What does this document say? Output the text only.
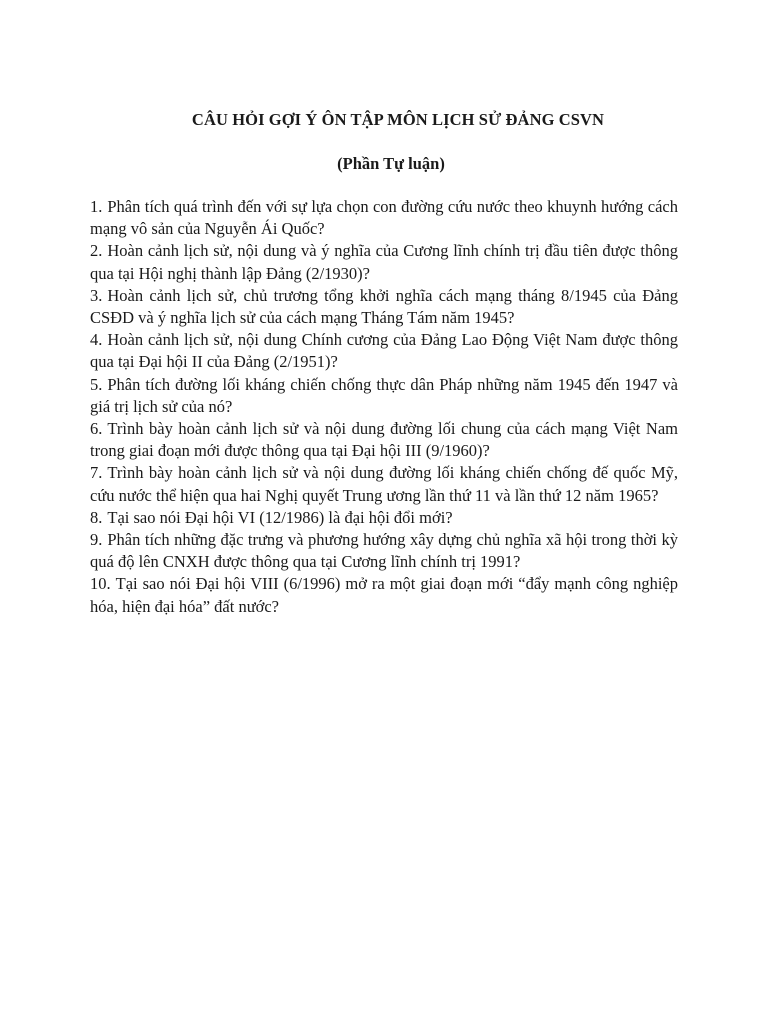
CÂU HỎI GỢI Ý ÔN TẬP MÔN LỊCH SỬ ĐẢNG CSVN
(Phần Tự luận)

1. Phân tích quá trình đến với sự lựa chọn con đường cứu nước theo khuynh hướng cách mạng vô sản của Nguyễn Ái Quốc?

2. Hoàn cảnh lịch sử, nội dung và ý nghĩa của Cương lĩnh chính trị đầu tiên được thông qua tại Hội nghị thành lập Đảng (2/1930)?

3. Hoàn cảnh lịch sử, chủ trương tổng khởi nghĩa cách mạng tháng 8/1945 của Đảng CSĐD và ý nghĩa lịch sử của cách mạng Tháng Tám năm 1945?

4. Hoàn cảnh lịch sử, nội dung Chính cương của Đảng Lao Động Việt Nam được thông qua tại Đại hội II của Đảng (2/1951)?

5. Phân tích đường lối kháng chiến chống thực dân Pháp những năm 1945 đến 1947 và giá trị lịch sử của nó?

6. Trình bày hoàn cảnh lịch sử và nội dung đường lối chung của cách mạng Việt Nam trong giai đoạn mới được thông qua tại Đại hội III (9/1960)?

7. Trình bày hoàn cảnh lịch sử và nội dung đường lối kháng chiến chống đế quốc Mỹ, cứu nước thể hiện qua hai Nghị quyết Trung ương lần thứ 11 và lần thứ 12 năm 1965?

8. Tại sao nói Đại hội VI (12/1986) là đại hội đổi mới?

9. Phân tích những đặc trưng và phương hướng xây dựng chủ nghĩa xã hội trong thời kỳ quá độ lên CNXH được thông qua tại Cương lĩnh chính trị 1991?

10. Tại sao nói Đại hội VIII (6/1996) mở ra một giai đoạn mới “đẩy mạnh công nghiệp hóa, hiện đại hóa” đất nước?
